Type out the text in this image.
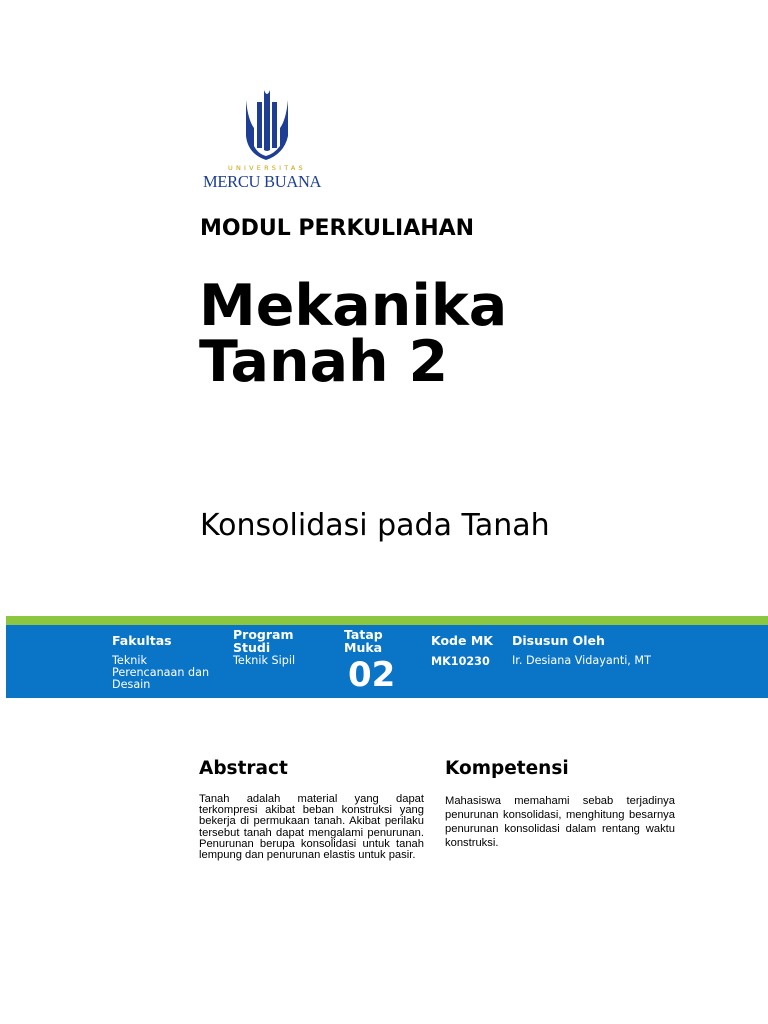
UNIVERSITAS
MERCU BUANA
MODUL PERKULIAHAN
Mekanika
Tanah 2
Konsolidasi pada Tanah
Fakultas
Teknik
Perencanaan dan
Desain
Program
Studi
Teknik Sipil
Tatap
Muka
02
Kode MK
MK10230
Disusun Oleh
Ir. Desiana Vidayanti, MT
Abstract
Tanah adalah material yang dapat terkompresi akibat beban konstruksi yang bekerja di permukaan tanah. Akibat perilaku tersebut tanah dapat mengalami penurunan. Penurunan berupa konsolidasi untuk tanah lempung dan penurunan elastis untuk pasir.
Kompetensi
Mahasiswa memahami sebab terjadinya penurunan konsolidasi, menghitung besarnya penurunan konsolidasi dalam rentang waktu konstruksi.
